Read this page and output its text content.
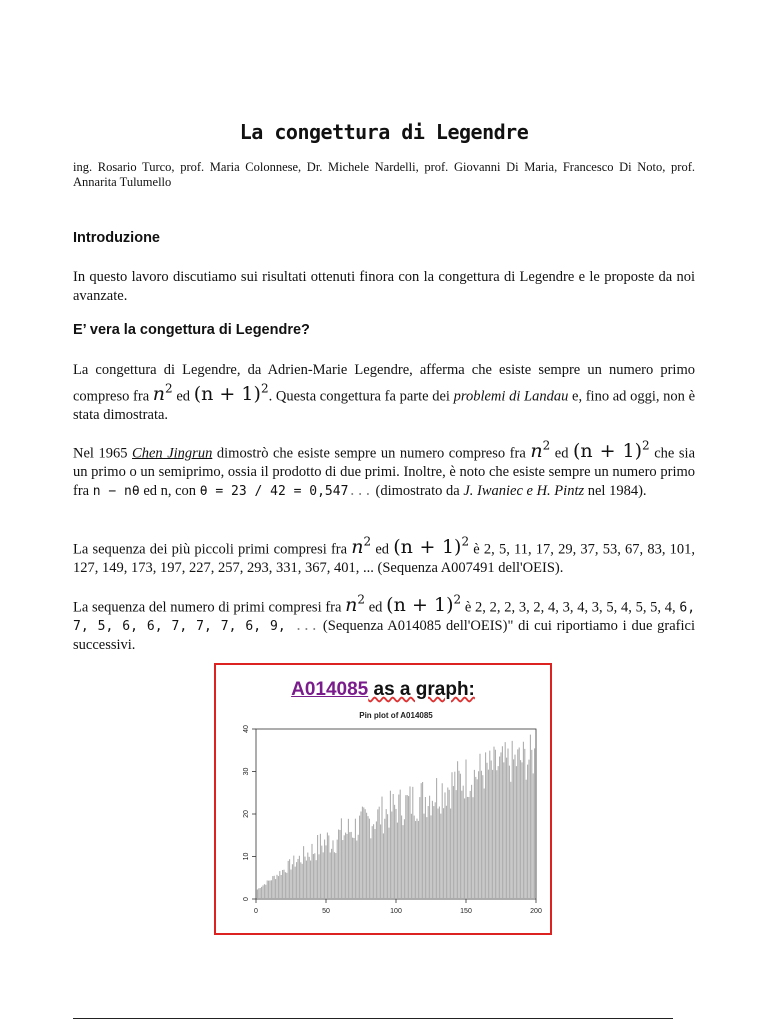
La congettura di Legendre
ing. Rosario Turco, prof. Maria Colonnese, Dr. Michele Nardelli, prof. Giovanni Di Maria, Francesco Di Noto, prof. Annarita Tulumello
Introduzione
In questo lavoro discutiamo sui risultati ottenuti finora con la congettura di Legendre e le proposte da noi avanzate.
E’ vera la congettura di Legendre?
La congettura di Legendre, da Adrien-Marie Legendre, afferma che esiste sempre un numero primo compreso fra $n^2$ ed $(n + 1)^2$. Questa congettura fa parte dei problemi di Landau e, fino ad oggi, non è stata dimostrata.
Nel 1965 Chen Jingrun dimostrò che esiste sempre un numero compreso fra $n^2$ ed $(n + 1)^2$ che sia un primo o un semiprimo, ossia il prodotto di due primi. Inoltre, è noto che esiste sempre un numero primo fra n − nθ ed n, con θ = 23 / 42 = 0,547... (dimostrato da J. Iwaniec e H. Pintz nel 1984).
La sequenza dei più piccoli primi compresi fra $n^2$ ed $(n + 1)^2$ è 2, 5, 11, 17, 29, 37, 53, 67, 83, 101, 127, 149, 173, 197, 227, 257, 293, 331, 367, 401, ... (Sequenza A007491 dell'OEIS).
La sequenza del numero di primi compresi fra $n^2$ ed $(n + 1)^2$ è 2, 2, 2, 3, 2, 4, 3, 4, 3, 5, 4, 5, 5, 4, 6, 7, 5, 6, 6, 7, 7, 7, 6, 9, ... (Sequenza A014085 dell'OEIS)" di cui riportiamo i due grafici successivi.
A014085 as a graph:
Pin plot of A014085
0	50	100	150	200
0
10
20
30
40
